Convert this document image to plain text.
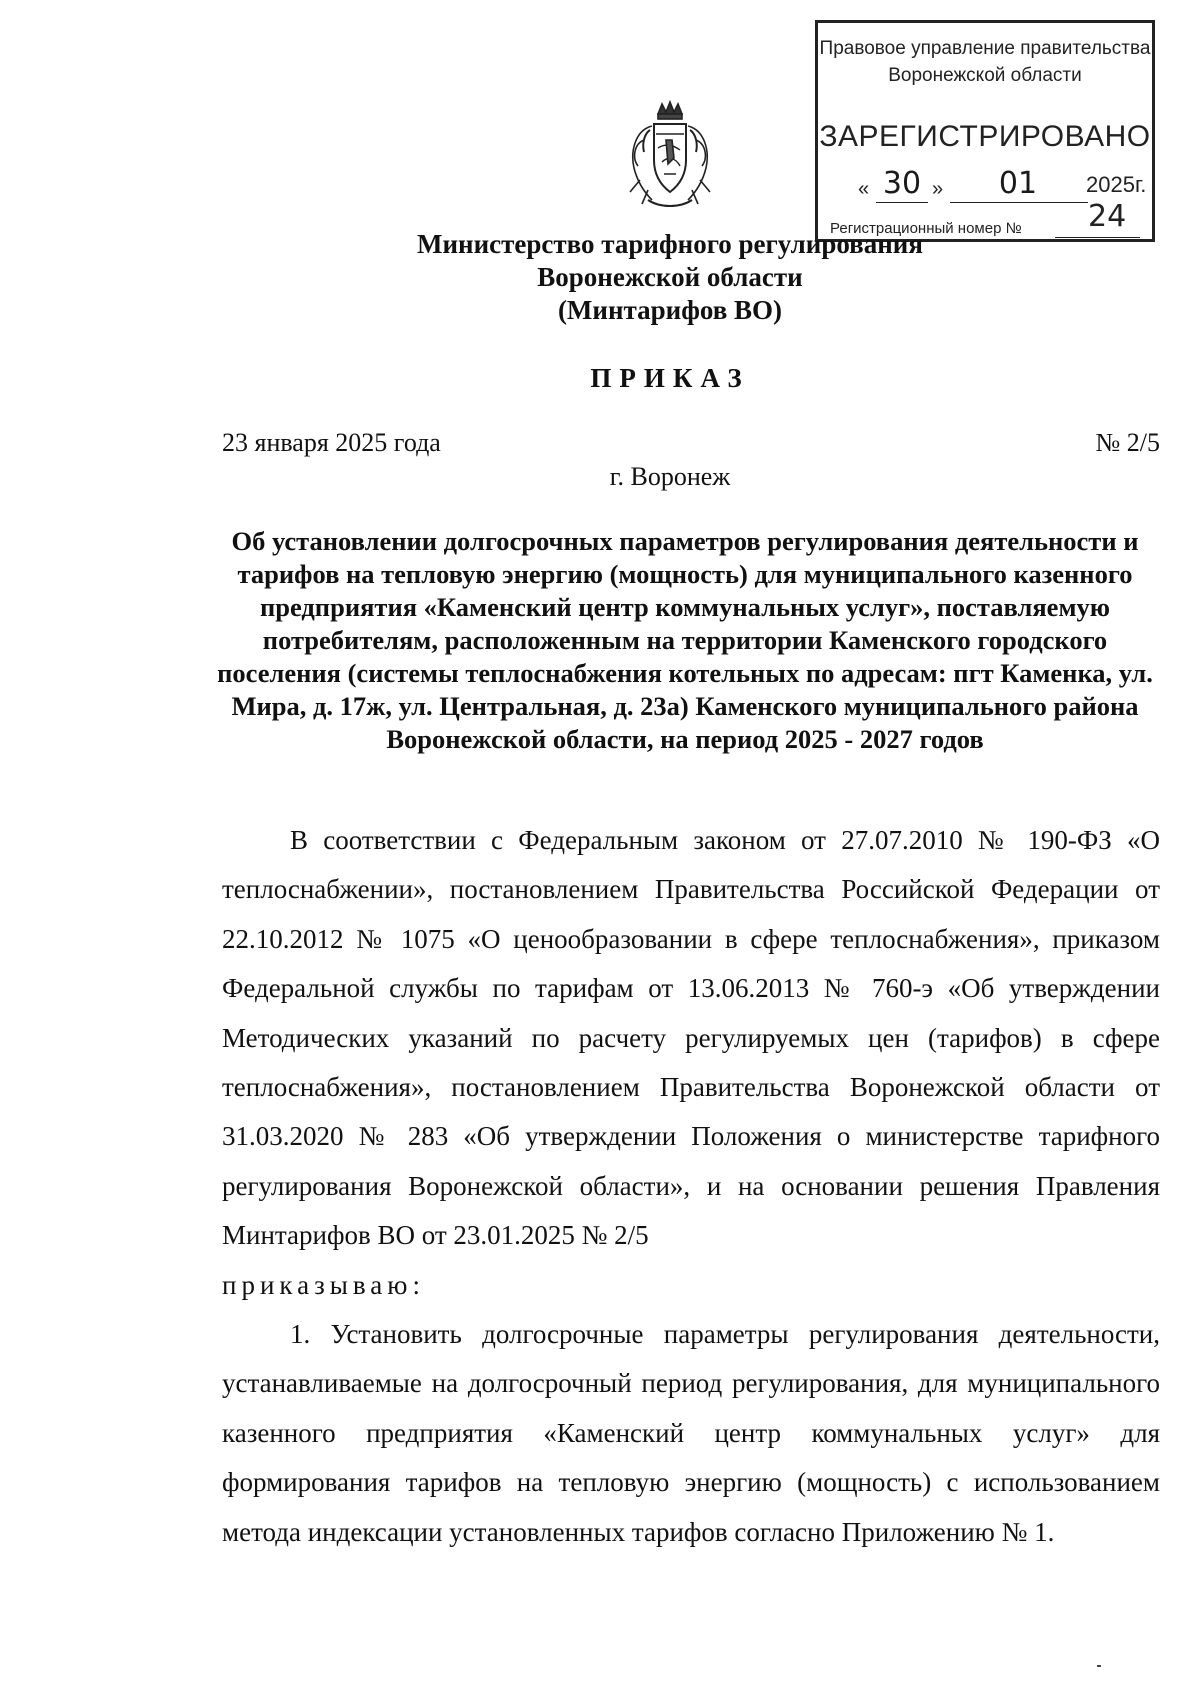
Правовое управление правительства
Воронежской области
ЗАРЕГИСТРИРОВАНО
« 30 »	01	2025г.
Регистрационный номер № 24
Министерство тарифного регулирования
Воронежской области
(Минтарифов ВО)
ПРИКАЗ
23 января 2025 года	№ 2/5
г. Воронеж
Об установлении долгосрочных параметров регулирования деятельности и тарифов на тепловую энергию (мощность) для муниципального казенного предприятия «Каменский центр коммунальных услуг», поставляемую потребителям, расположенным на территории Каменского городского поселения (системы теплоснабжения котельных по адресам: пгт Каменка, ул. Мира, д. 17ж, ул. Центральная, д. 23а) Каменского муниципального района Воронежской области, на период 2025 - 2027 годов

В соответствии с Федеральным законом от 27.07.2010 № 190-ФЗ «О теплоснабжении», постановлением Правительства Российской Федерации от 22.10.2012 № 1075 «О ценообразовании в сфере теплоснабжения», приказом Федеральной службы по тарифам от 13.06.2013 № 760-э «Об утверждении Методических указаний по расчету регулируемых цен (тарифов) в сфере теплоснабжения», постановлением Правительства Воронежской области от 31.03.2020 № 283 «Об утверждении Положения о министерстве тарифного регулирования Воронежской области», и на основании решения Правления Минтарифов ВО от 23.01.2025 № 2/5

приказываю:

1. Установить долгосрочные параметры регулирования деятельности, устанавливаемые на долгосрочный период регулирования, для муниципального казенного предприятия «Каменский центр коммунальных услуг» для формирования тарифов на тепловую энергию (мощность) с использованием метода индексации установленных тарифов согласно Приложению № 1.
